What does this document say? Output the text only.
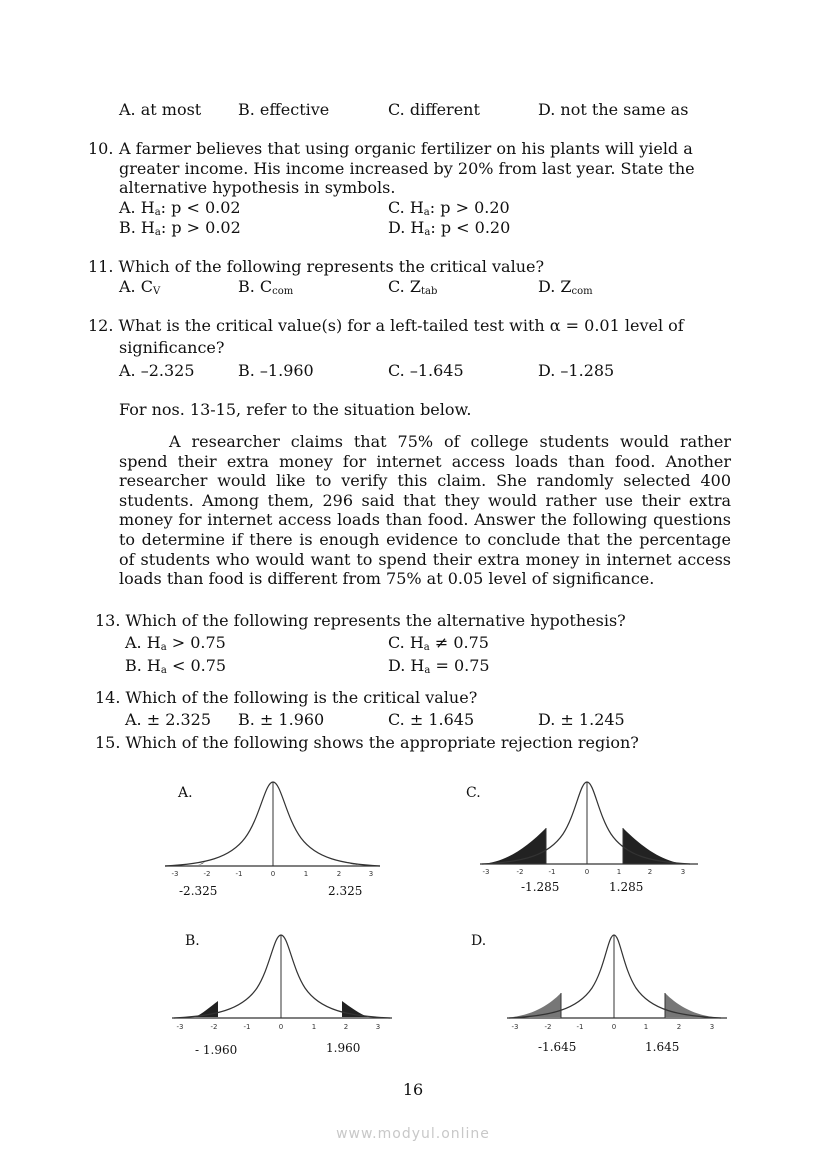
A. at most B. effective	C. different	D. not the same as
10. A farmer believes that using organic fertilizer on his plants will yield a
greater income. His income increased by 20% from last year. State the
alternative hypothesis in symbols.
A. $H_a$: p < 0.02	C. $H_a$: p > 0.20
B. $H_a$: p > 0.02	D. $H_a$: p < 0.20
11. Which of the following represents the critical value?
A. $C_V$	B. $C_{com}$	C. $Z_{tab}$	D. $Z_{com}$
12. What is the critical value(s) for a left-tailed test with α = 0.01 level of
significance?
A. –2.325	B. –1.960	C. –1.645	D. –1.285
For nos. 13-15, refer to the situation below.

A researcher claims that 75% of college students would rather spend their extra money for internet access loads than food. Another researcher would like to verify this claim. She randomly selected 400 students. Among them, 296 said that they would rather use their extra money for internet access loads than food. Answer the following questions to determine if there is enough evidence to conclude that the percentage of students who would want to spend their extra money in internet access loads than food is different from 75% at 0.05 level of significance.

13. Which of the following represents the alternative hypothesis?
A. $H_a > 0.75$	C. $H_a \ne 0.75$
B. $H_a < 0.75$	D. $H_a = 0.75$
14. Which of the following is the critical value?
A. ± 2.325 B. ± 1.960	C. ± 1.645	D. ± 1.245
15. Which of the following shows the appropriate rejection region?
A.
-3	-2	-1	0	1	2	3
-2.325	2.325
C.
-3	-2	-1	0	1	2	3
-1.285	1.285
B.
-3	-2	-1	0	1	2	3
- 1.960	1.960
D.
-3	-2	-1	0	1	2	3
-1.645	1.645
16
www.modyul.online
